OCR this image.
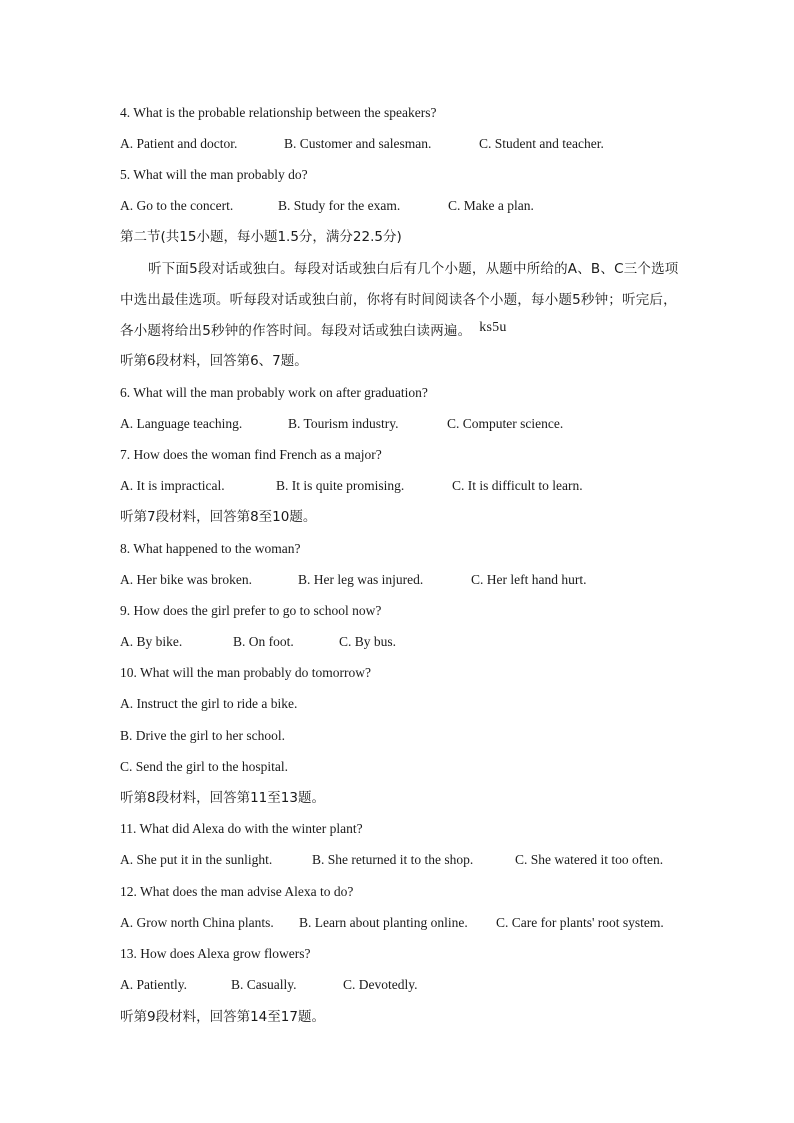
4. What is the probable relationship between the speakers?
A. Patient and doctor.	B. Customer and salesman.	C. Student and teacher.
5. What will the man probably do?
A. Go to the concert.	B. Study for the exam.	C. Make a plan.
第二节(共15小题，每小题1.5分，满分22.5分)
听下面5段对话或独白。每段对话或独白后有几个小题，从题中所给的A、B、C三个选项中选出最佳选项。听每段对话或独白前，你将有时间阅读各个小题，每小题5秒钟；听完后，各小题将给出5秒钟的作答时间。每段对话或独白读两遍。 ks5u
听第6段材料，回答第6、7题。
6. What will the man probably work on after graduation?
A. Language teaching.	B. Tourism industry.	C. Computer science.
7. How does the woman find French as a major?
A. It is impractical.	B. It is quite promising.	C. It is difficult to learn.
听第7段材料，回答第8至10题。
8. What happened to the woman?
A. Her bike was broken.	B. Her leg was injured.	C. Her left hand hurt.
9. How does the girl prefer to go to school now?
A. By bike.	B. On foot.	C. By bus.
10. What will the man probably do tomorrow?
A. Instruct the girl to ride a bike.
B. Drive the girl to her school.
C. Send the girl to the hospital.
听第8段材料，回答第11至13题。
11. What did Alexa do with the winter plant?
A. She put it in the sunlight.	B. She returned it to the shop.	C. She watered it too often.
12. What does the man advise Alexa to do?
A. Grow north China plants. B. Learn about planting online. C. Care for plants' root system.
13. How does Alexa grow flowers?
A. Patiently.	B. Casually.	C. Devotedly.
听第9段材料，回答第14至17题。
